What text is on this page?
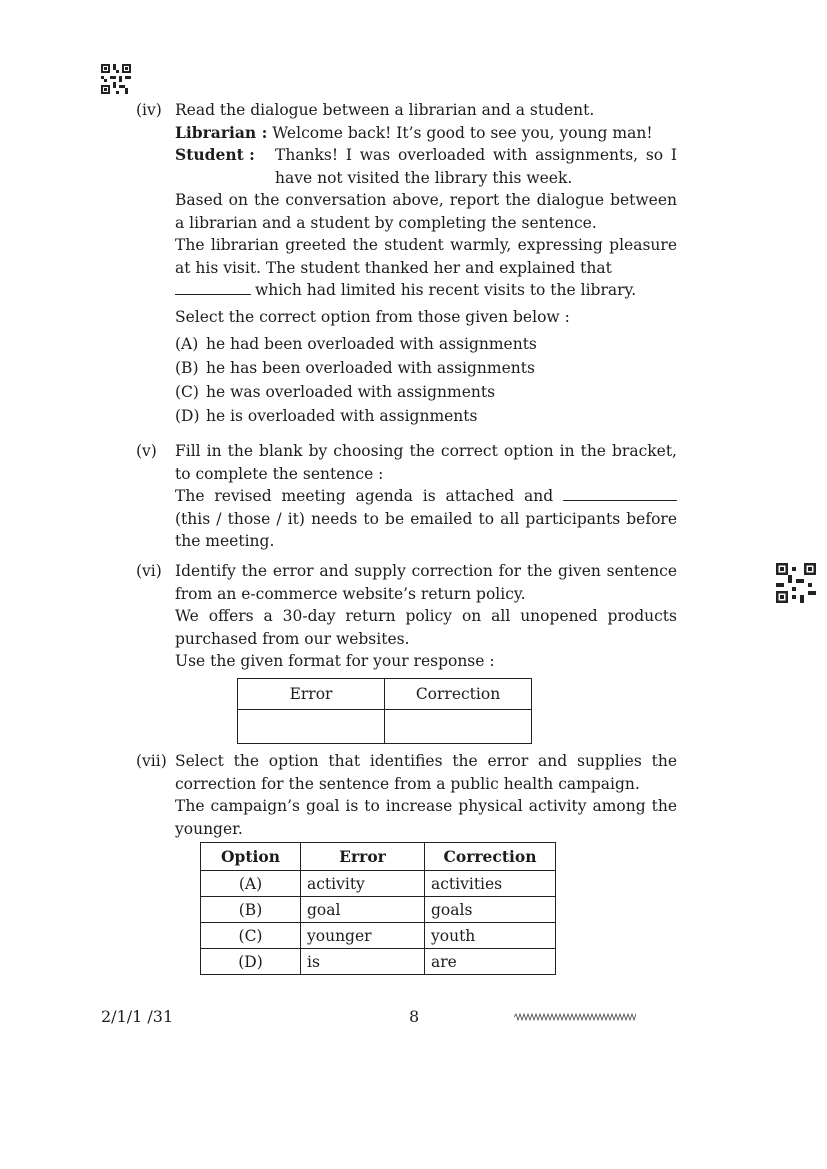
(iv) Read the dialogue between a librarian and a student.

Librarian :
Welcome back! It’s good to see you, young man!
Student :	Thanks! I was overloaded with assignments, so I have not visited the library this week.

Based on the conversation above, report the dialogue between a librarian and a student by completing the sentence.

The librarian greeted the student warmly, expressing pleasure at his visit. The student thanked her and explained that
which had limited his recent visits to the library.

Select the correct option from those given below :

(A) he had been overloaded with assignments
(B) he has been overloaded with assignments
(C) he was overloaded with assignments
(D) he is overloaded with assignments
(v)	Fill in the blank by choosing the correct option in the bracket, to complete the sentence :

The revised meeting agenda is attached and  (this / those / it) needs to be emailed to all participants before the meeting.

(vi) Identify the error and supply correction for the given sentence from an e-commerce website’s return policy.

We offers a 30-day return policy on all unopened products purchased from our websites.

Use the given format for your response :

Error	Correction

(vii) Select the option that identifies the error and supplies the correction for the sentence from a public health campaign.

The campaign’s goal is to increase physical activity among the younger.

Option	Error	Correction
(A)	activity	activities
(B)	goal	goals
(C)	younger	youth
(D)	is	are
2/1/1 /31	8
